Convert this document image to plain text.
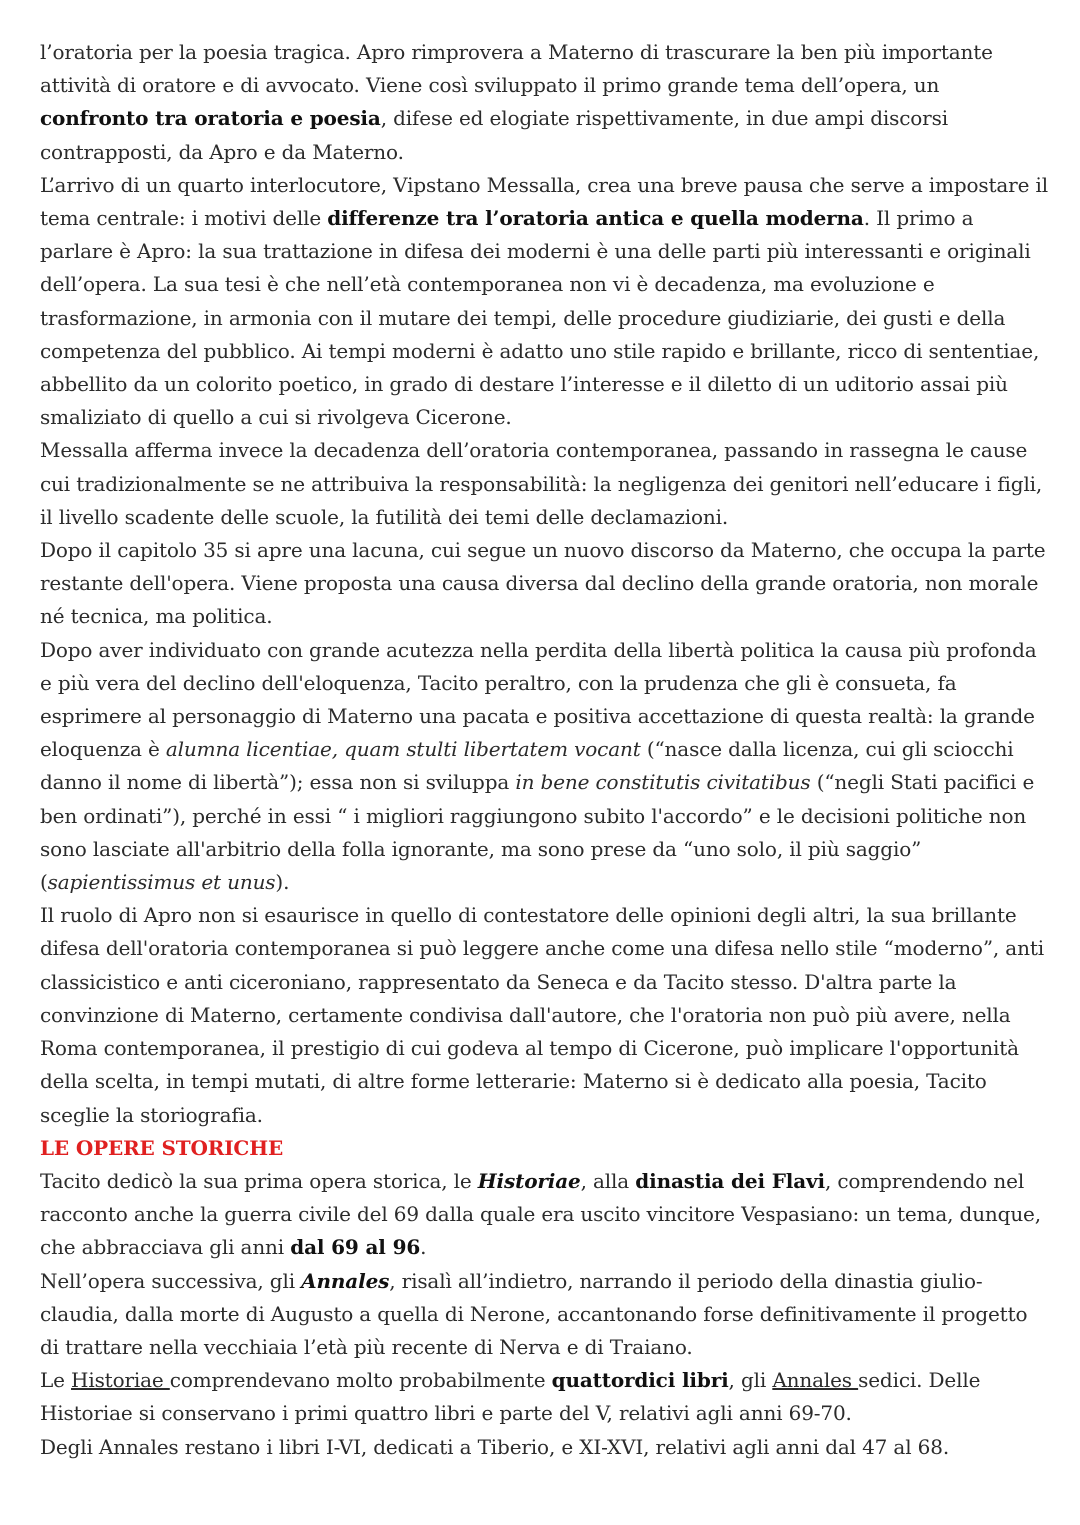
l’oratoria per la poesia tragica. Apro rimprovera a Materno di trascurare la ben più importante attività di oratore e di avvocato. Viene così sviluppato il primo grande tema dell’opera, un confronto tra oratoria e poesia, difese ed elogiate rispettivamente, in due ampi discorsi contrapposti, da Apro e da Materno.

L’arrivo di un quarto interlocutore, Vipstano Messalla, crea una breve pausa che serve a impostare il tema centrale: i motivi delle differenze tra l’oratoria antica e quella moderna. Il primo a parlare è Apro: la sua trattazione in difesa dei moderni è una delle parti più interessanti e originali dell’opera. La sua tesi è che nell’età contemporanea non vi è decadenza, ma evoluzione e trasformazione, in armonia con il mutare dei tempi, delle procedure giudiziarie, dei gusti e della competenza del pubblico. Ai tempi moderni è adatto uno stile rapido e brillante, ricco di sententiae, abbellito da un colorito poetico, in grado di destare l’interesse e il diletto di un uditorio assai più smaliziato di quello a cui si rivolgeva Cicerone.

Messalla afferma invece la decadenza dell’oratoria contemporanea, passando in rassegna le cause cui tradizionalmente se ne attribuiva la responsabilità: la negligenza dei genitori nell’educare i figli, il livello scadente delle scuole, la futilità dei temi delle declamazioni.

Dopo il capitolo 35 si apre una lacuna, cui segue un nuovo discorso da Materno, che occupa la parte restante dell'opera. Viene proposta una causa diversa dal declino della grande oratoria, non morale né tecnica, ma politica.

Dopo aver individuato con grande acutezza nella perdita della libertà politica la causa più profonda e più vera del declino dell'eloquenza, Tacito peraltro, con la prudenza che gli è consueta, fa esprimere al personaggio di Materno una pacata e positiva accettazione di questa realtà: la grande eloquenza è alumna licentiae, quam stulti libertatem vocant (“nasce dalla licenza, cui gli sciocchi danno il nome di libertà”); essa non si sviluppa in bene constitutis civitatibus (“negli Stati pacifici e ben ordinati”), perché in essi “ i migliori raggiungono subito l'accordo” e le decisioni politiche non sono lasciate all'arbitrio della folla ignorante, ma sono prese da “uno solo, il più saggio” (sapientissimus et unus).

Il ruolo di Apro non si esaurisce in quello di contestatore delle opinioni degli altri, la sua brillante difesa dell'oratoria contemporanea si può leggere anche come una difesa nello stile “moderno”, anti classicistico e anti ciceroniano, rappresentato da Seneca e da Tacito stesso. D'altra parte la convinzione di Materno, certamente condivisa dall'autore, che l'oratoria non può più avere, nella Roma contemporanea, il prestigio di cui godeva al tempo di Cicerone, può implicare l'opportunità della scelta, in tempi mutati, di altre forme letterarie: Materno si è dedicato alla poesia, Tacito sceglie la storiografia.

LE OPERE STORICHE

Tacito dedicò la sua prima opera storica, le Historiae, alla dinastia dei Flavi, comprendendo nel racconto anche la guerra civile del 69 dalla quale era uscito vincitore Vespasiano: un tema, dunque, che abbracciava gli anni dal 69 al 96.

Nell’opera successiva, gli Annales, risalì all’indietro, narrando il periodo della dinastia giulio-claudia, dalla morte di Augusto a quella di Nerone, accantonando forse definitivamente il progetto di trattare nella vecchiaia l’età più recente di Nerva e di Traiano.

Le Historiae comprendevano molto probabilmente quattordici libri, gli Annales sedici. Delle Historiae si conservano i primi quattro libri e parte del V, relativi agli anni 69-70.

Degli Annales restano i libri I-VI, dedicati a Tiberio, e XI-XVI, relativi agli anni dal 47 al 68.
